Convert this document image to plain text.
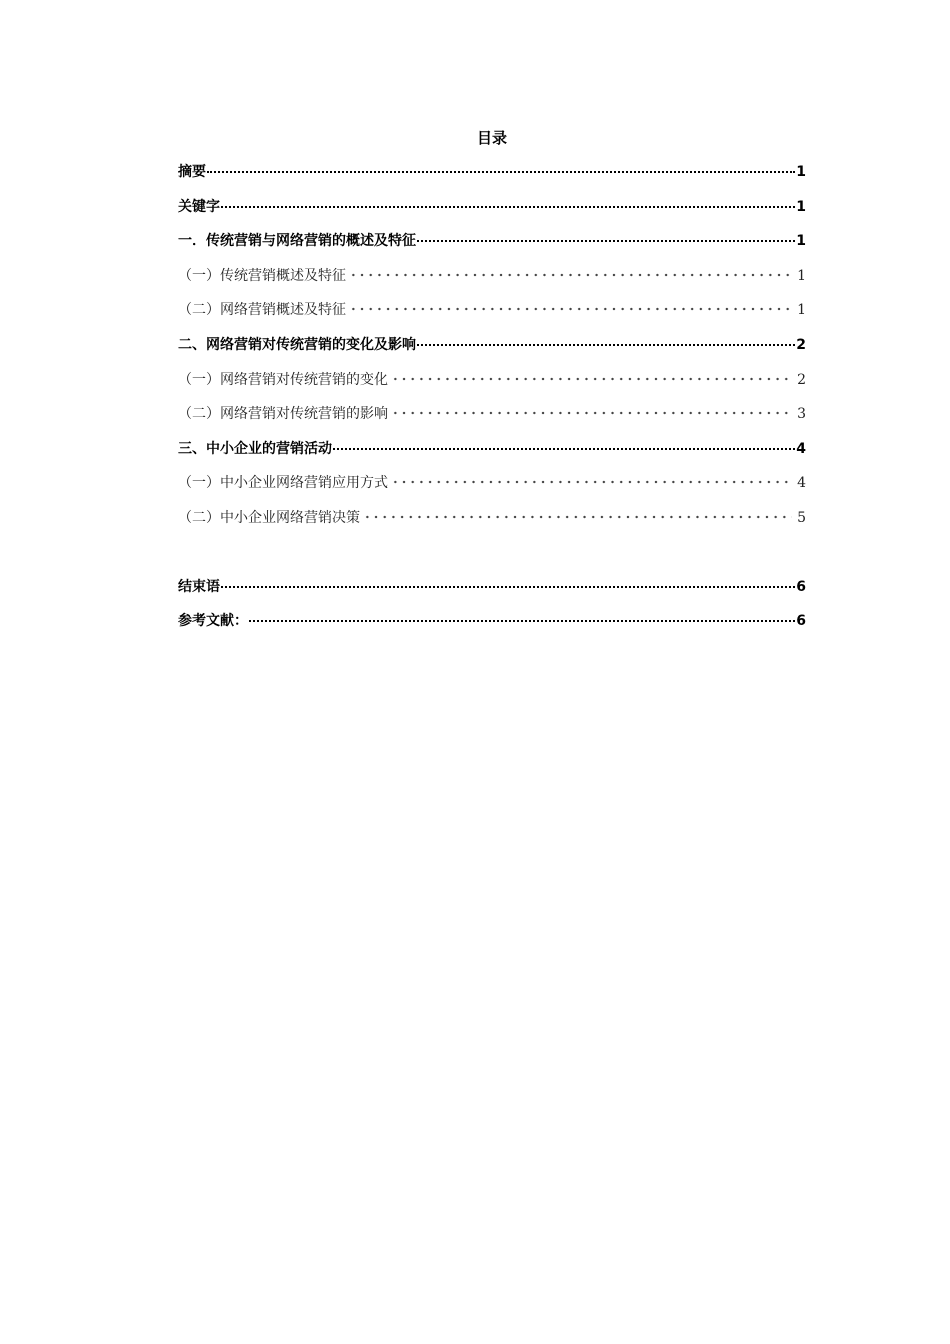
目录
摘要	1
关键字	1
一．传统营销与网络营销的概述及特征	1
（一）传统营销概述及特征	1
（二）网络营销概述及特征	1
二、网络营销对传统营销的变化及影响	2
（一）网络营销对传统营销的变化	2
（二）网络营销对传统营销的影响	3
三、中小企业的营销活动	4
（一）中小企业网络营销应用方式	4
（二）中小企业网络营销决策	5
结束语	6
参考文献：	6
